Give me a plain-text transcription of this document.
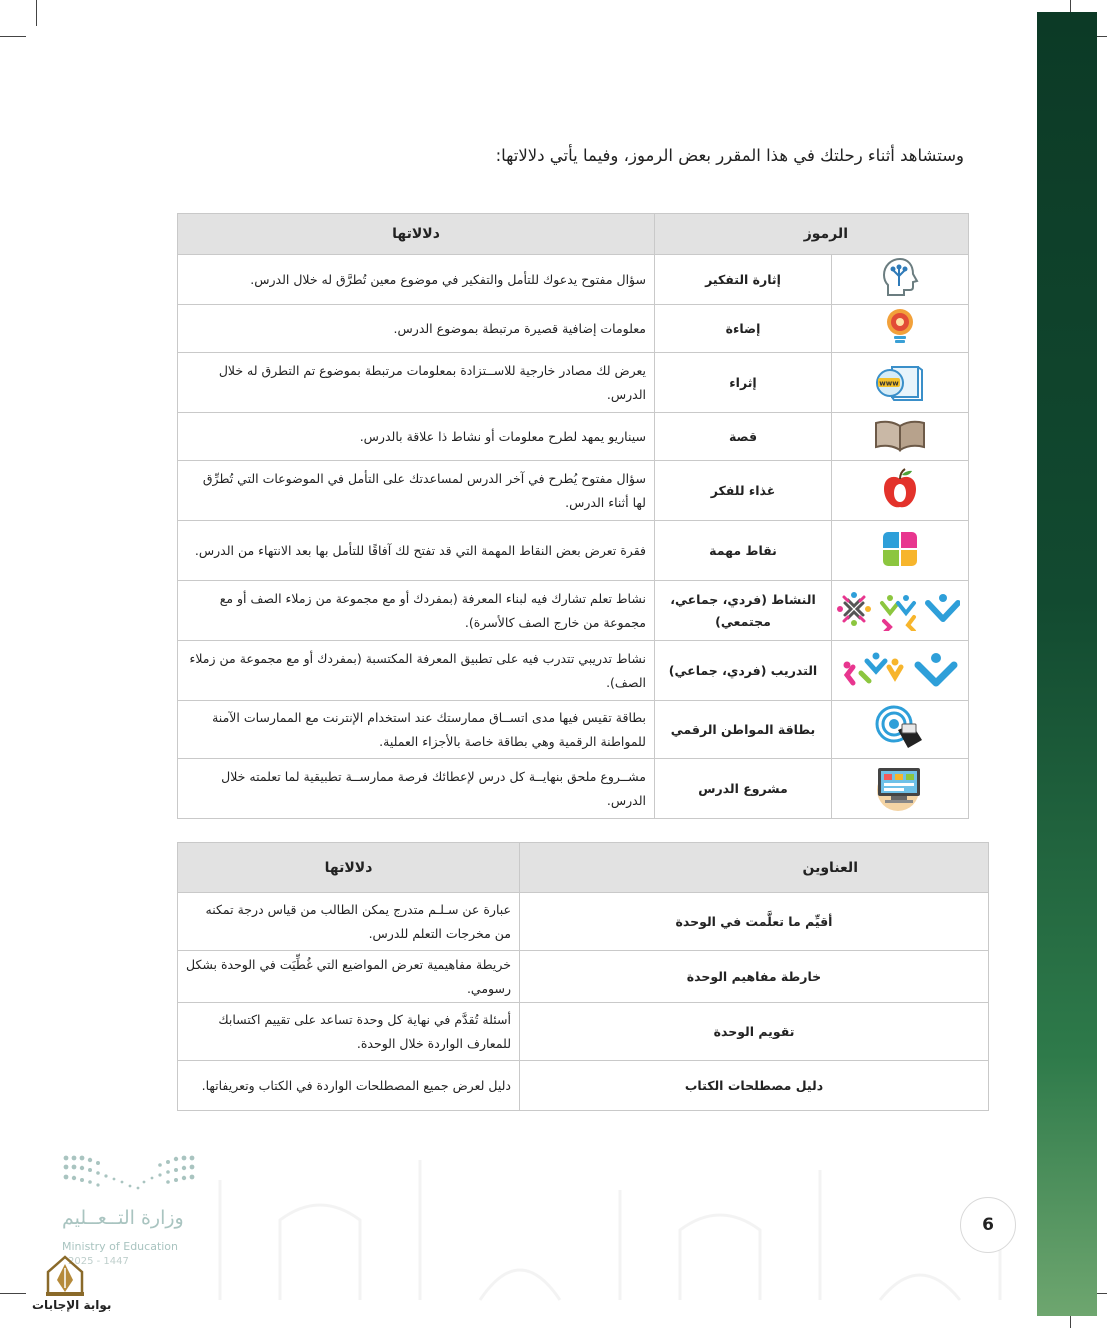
وستشاهد أثناء رحلتك في هذا المقرر بعض الرموز، وفيما يأتي دلالاتها:
الرموز		دلالاتها
	إثارة التفكير	سؤال مفتوح يدعوك للتأمل والتفكير في موضوع معين تُطرَّق له خلال الدرس.
	إضاءة	معلومات إضافية قصيرة مرتبطة بموضوع الدرس.

www	إثراء	يعرض لك مصادر خارجية للاســتزادة بمعلومات مرتبطة بموضوع تم التطرق له خلال الدرس.
	قصة	سيناريو يمهد لطرح معلومات أو نشاط ذا علاقة بالدرس.
	غذاء للفكر	سؤال مفتوح يُطرح في آخر الدرس لمساعدتك على التأمل في الموضوعات التي تُطرِّق لها أثناء الدرس.
	نقاط مهمة	فقرة تعرض بعض النقاط المهمة التي قد تفتح لك آفاقًا للتأمل بها بعد الانتهاء من الدرس.
	النشاط (فردي، جماعي، مجتمعي)	نشاط تعلم تشارك فيه لبناء المعرفة (بمفردك أو مع مجموعة من زملاء الصف أو مع مجموعة من خارج الصف كالأسرة).
	التدريب (فردي، جماعي)	نشاط تدريبي تتدرب فيه على تطبيق المعرفة المكتسبة (بمفردك أو مع مجموعة من زملاء الصف).
	بطاقة المواطن الرقمي	بطاقة تقيس فيها مدى اتســاق ممارستك عند استخدام الإنترنت مع الممارسات الآمنة للمواطنة الرقمية وهي بطاقة خاصة بالأجزاء العملية.
	مشروع الدرس	مشــروع ملحق بنهايــة كل درس لإعطائك فرصة ممارســة تطبيقية لما تعلمته خلال الدرس.
العناوين	دلالاتها
أقيِّم ما تعلَّمت في الوحدة	عبارة عن سـلـم متدرج يمكن الطالب من قياس درجة تمكنه من مخرجات التعلم للدرس.
خارطة مفاهيم الوحدة	خريطة مفاهيمية تعرض المواضيع التي غُطِّيَت في الوحدة بشكل رسومي.
تقويم الوحدة	أسئلة تُقدَّم في نهاية كل وحدة تساعد على تقييم اكتسابك للمعارف الواردة خلال الوحدة.
دليل مصطلحات الكتاب	دليل لعرض جميع المصطلحات الواردة في الكتاب وتعريفاتها.
وزارة التــعــليم
Ministry of Education
2025 - 1447
بوابة الإجابات
6
